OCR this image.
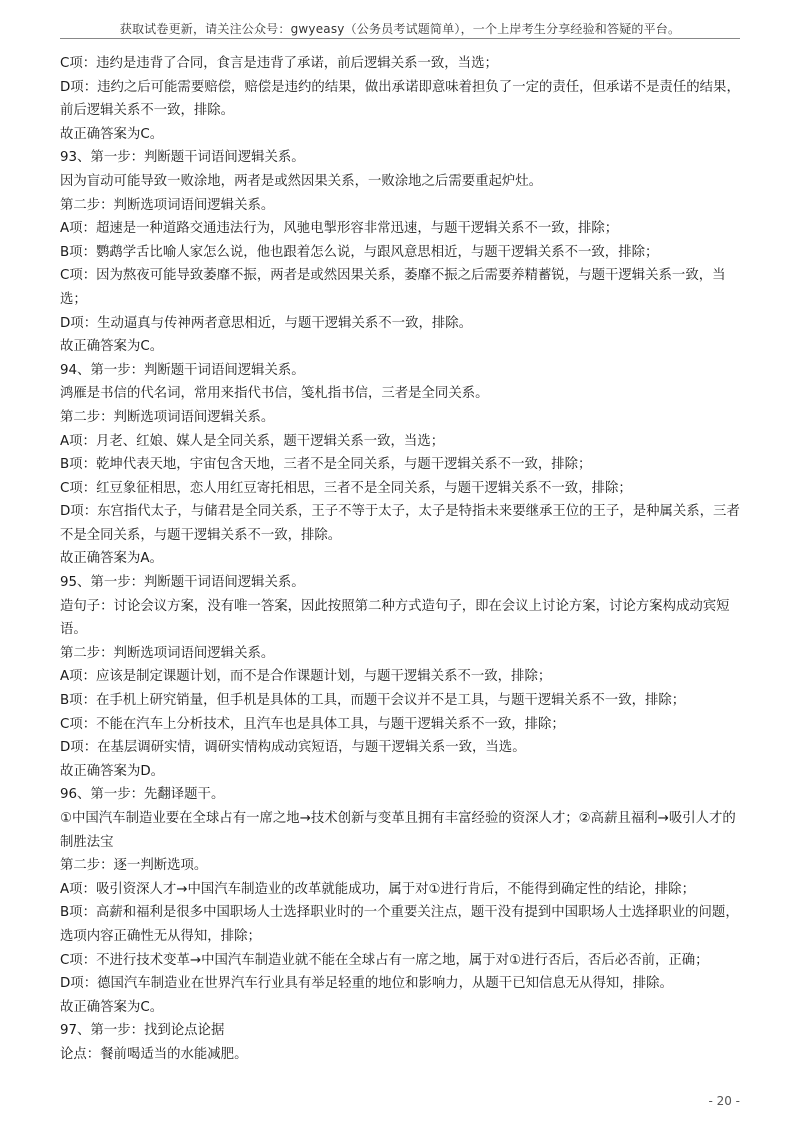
获取试卷更新，请关注公众号：gwyeasy（公务员考试题简单），一个上岸考生分享经验和答疑的平台。
C项：违约是违背了合同，食言是违背了承诺，前后逻辑关系一致，当选；
D项：违约之后可能需要赔偿，赔偿是违约的结果，做出承诺即意味着担负了一定的责任，但承诺不是责任的结果，前后逻辑关系不一致，排除。
故正确答案为C。
93、第一步：判断题干词语间逻辑关系。
因为盲动可能导致一败涂地，两者是或然因果关系，一败涂地之后需要重起炉灶。
第二步：判断选项词语间逻辑关系。
A项：超速是一种道路交通违法行为，风驰电掣形容非常迅速，与题干逻辑关系不一致，排除；
B项：鹦鹉学舌比喻人家怎么说，他也跟着怎么说，与跟风意思相近，与题干逻辑关系不一致，排除；
C项：因为熬夜可能导致萎靡不振，两者是或然因果关系，萎靡不振之后需要养精蓄锐，与题干逻辑关系一致，当选；
D项：生动逼真与传神两者意思相近，与题干逻辑关系不一致，排除。
故正确答案为C。
94、第一步：判断题干词语间逻辑关系。
鸿雁是书信的代名词，常用来指代书信，笺札指书信，三者是全同关系。
第二步：判断选项词语间逻辑关系。
A项：月老、红娘、媒人是全同关系，题干逻辑关系一致，当选；
B项：乾坤代表天地，宇宙包含天地，三者不是全同关系，与题干逻辑关系不一致，排除；
C项：红豆象征相思，恋人用红豆寄托相思，三者不是全同关系，与题干逻辑关系不一致，排除；
D项：东宫指代太子，与储君是全同关系，王子不等于太子，太子是特指未来要继承王位的王子，是种属关系，三者不是全同关系，与题干逻辑关系不一致，排除。
故正确答案为A。
95、第一步：判断题干词语间逻辑关系。
造句子：讨论会议方案，没有唯一答案，因此按照第二种方式造句子，即在会议上讨论方案，讨论方案构成动宾短语。
第二步：判断选项词语间逻辑关系。
A项：应该是制定课题计划，而不是合作课题计划，与题干逻辑关系不一致，排除；
B项：在手机上研究销量，但手机是具体的工具，而题干会议并不是工具，与题干逻辑关系不一致，排除；
C项：不能在汽车上分析技术，且汽车也是具体工具，与题干逻辑关系不一致，排除；
D项：在基层调研实情，调研实情构成动宾短语，与题干逻辑关系一致，当选。
故正确答案为D。
96、第一步：先翻译题干。
①中国汽车制造业要在全球占有一席之地→技术创新与变革且拥有丰富经验的资深人才；②高薪且福利→吸引人才的制胜法宝
第二步：逐一判断选项。
A项：吸引资深人才→中国汽车制造业的改革就能成功，属于对①进行肯后，不能得到确定性的结论，排除；
B项：高薪和福利是很多中国职场人士选择职业时的一个重要关注点，题干没有提到中国职场人士选择职业的问题，选项内容正确性无从得知，排除；
C项：不进行技术变革→中国汽车制造业就不能在全球占有一席之地，属于对①进行否后，否后必否前，正确；
D项：德国汽车制造业在世界汽车行业具有举足轻重的地位和影响力，从题干已知信息无从得知，排除。
故正确答案为C。
97、第一步：找到论点论据
论点：餐前喝适当的水能减肥。
- 20 -
